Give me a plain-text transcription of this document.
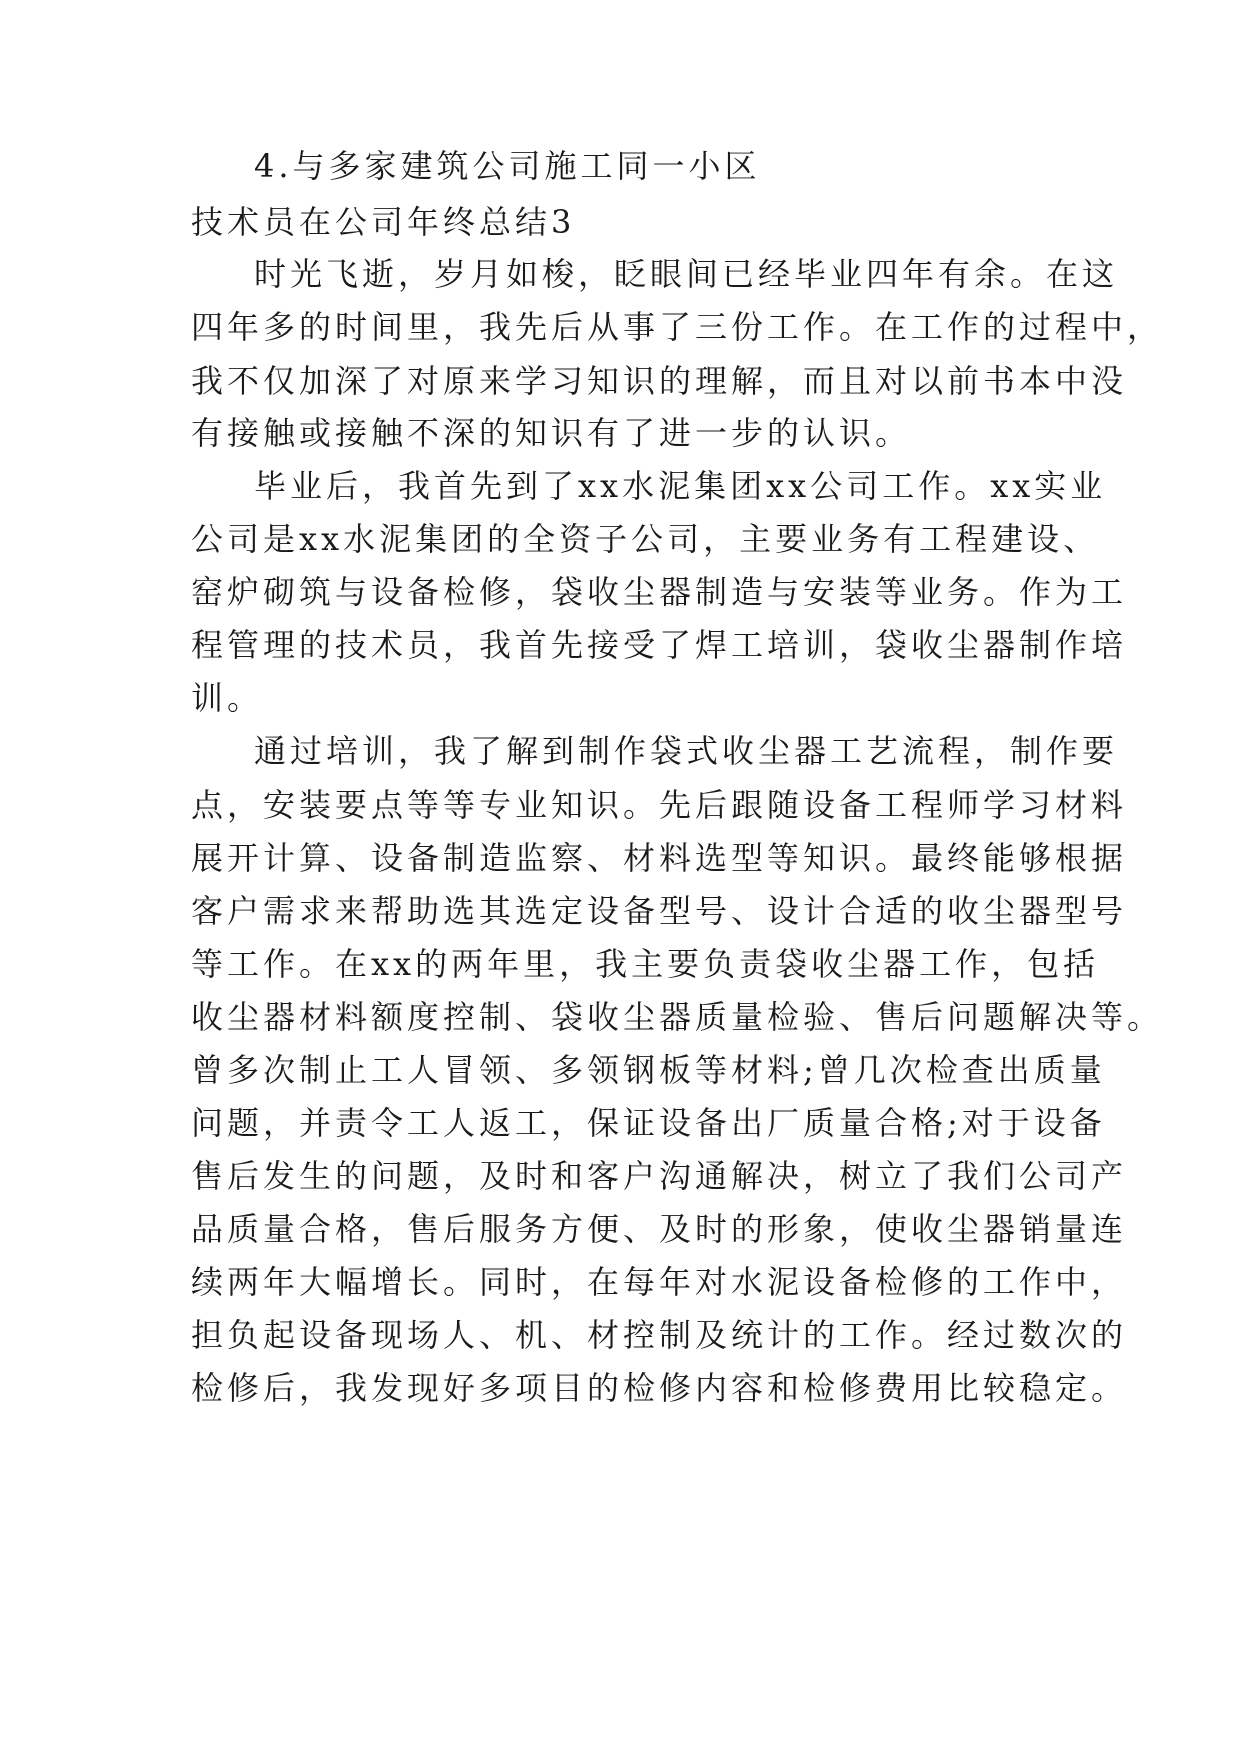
4.与多家建筑公司施工同一小区
技术员在公司年终总结3
时光飞逝，岁月如梭，眨眼间已经毕业四年有余。在这
四年多的时间里，我先后从事了三份工作。在工作的过程中，
我不仅加深了对原来学习知识的理解，而且对以前书本中没
有接触或接触不深的知识有了进一步的认识。
毕业后，我首先到了xx水泥集团xx公司工作。xx实业
公司是xx水泥集团的全资子公司，主要业务有工程建设、
窑炉砌筑与设备检修，袋收尘器制造与安装等业务。作为工
程管理的技术员，我首先接受了焊工培训，袋收尘器制作培
训。
通过培训，我了解到制作袋式收尘器工艺流程，制作要
点，安装要点等等专业知识。先后跟随设备工程师学习材料
展开计算、设备制造监察、材料选型等知识。最终能够根据
客户需求来帮助选其选定设备型号、设计合适的收尘器型号
等工作。在xx的两年里，我主要负责袋收尘器工作，包括
收尘器材料额度控制、袋收尘器质量检验、售后问题解决等。
曾多次制止工人冒领、多领钢板等材料;曾几次检查出质量
问题，并责令工人返工，保证设备出厂质量合格;对于设备
售后发生的问题，及时和客户沟通解决，树立了我们公司产
品质量合格，售后服务方便、及时的形象，使收尘器销量连
续两年大幅增长。同时，在每年对水泥设备检修的工作中，
担负起设备现场人、机、材控制及统计的工作。经过数次的
检修后，我发现好多项目的检修内容和检修费用比较稳定。
